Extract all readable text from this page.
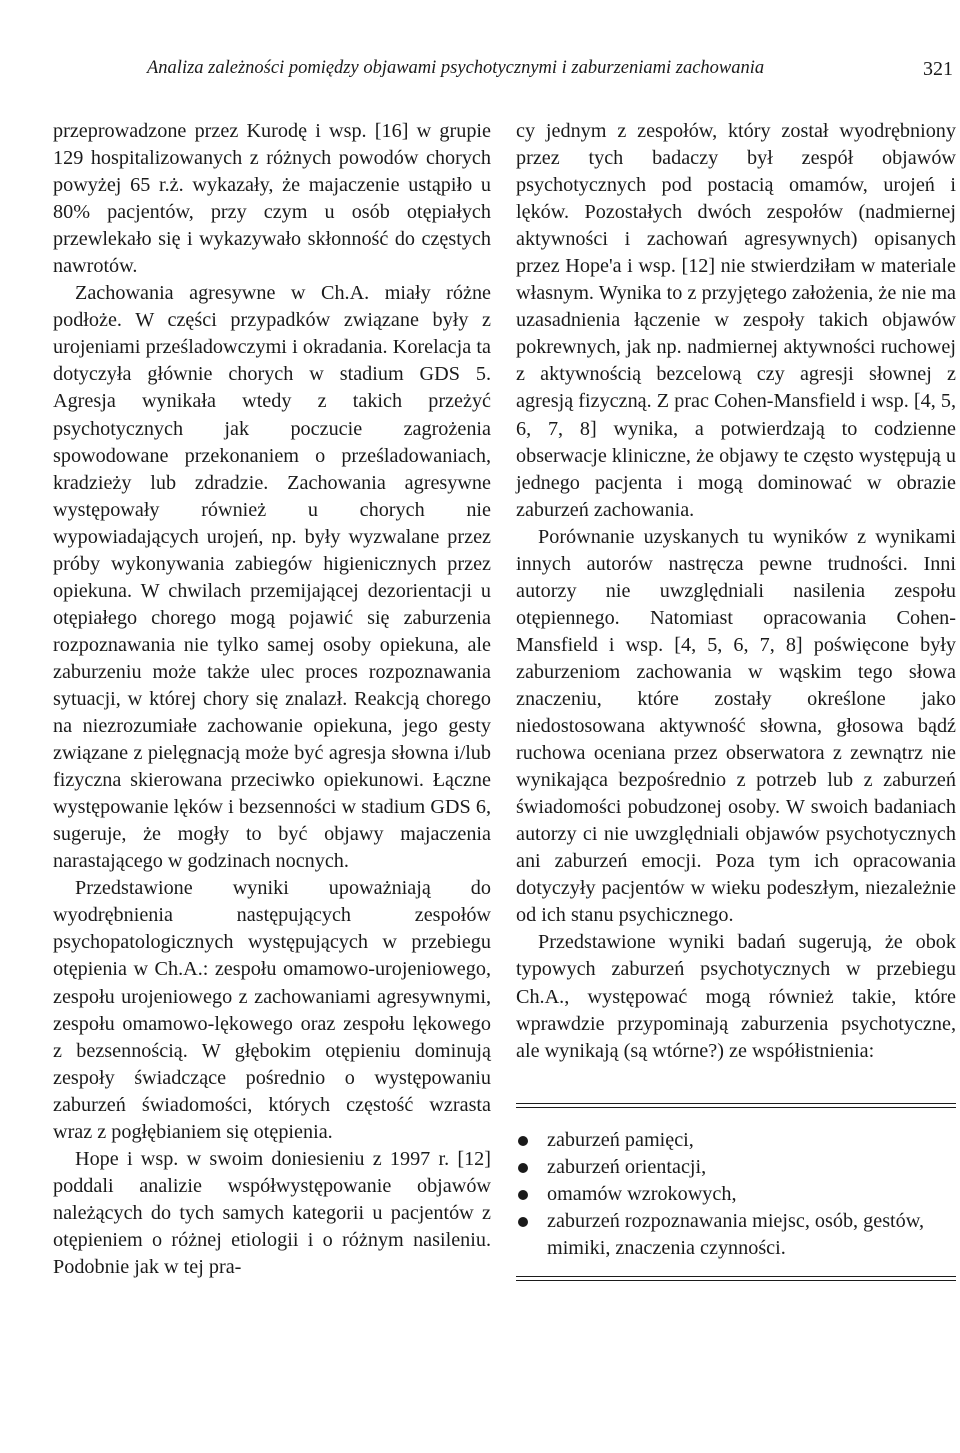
Analiza zależności pomiędzy objawami psychotycznymi i zaburzeniami zachowania	321

przeprowadzone przez Kurodę i wsp. [16] w grupie 129 hospitalizowanych z różnych powodów chorych powyżej 65 r.ż. wykazały, że majaczenie ustąpiło u 80% pacjentów, przy czym u osób otępiałych przewlekało się i wykazywało skłonność do częstych nawrotów.

Zachowania agresywne w Ch.A. miały różne podłoże. W części przypadków związane były z urojeniami prześladowczymi i okradania. Korelacja ta dotyczyła głównie chorych w stadium GDS 5. Agresja wynikała wtedy z takich przeżyć psychotycznych jak poczucie zagrożenia spowodowane przekonaniem o prześladowaniach, kradzieży lub zdradzie. Zachowania agresywne występowały również u chorych nie wypowiadających urojeń, np. były wyzwalane przez próby wykonywania zabiegów higienicznych przez opiekuna. W chwilach przemijającej dezorientacji u otępiałego chorego mogą pojawić się zaburzenia rozpoznawania nie tylko samej osoby opiekuna, ale zaburzeniu może także ulec proces rozpoznawania sytuacji, w której chory się znalazł. Reakcją chorego na niezrozumiałe zachowanie opiekuna, jego gesty związane z pielęgnacją może być agresja słowna i/lub fizyczna skierowana przeciwko opiekunowi. Łączne występowanie lęków i bezsenności w stadium GDS 6, sugeruje, że mogły to być objawy majaczenia narastającego w godzinach nocnych.

Przedstawione wyniki upoważniają do wyodrębnienia następujących zespołów psychopatologicznych występujących w przebiegu otępienia w Ch.A.: zespołu omamowo-urojeniowego, zespołu urojeniowego z zachowaniami agresywnymi, zespołu omamowo-lękowego oraz zespołu lękowego z bezsennością. W głębokim otępieniu dominują zespoły świadczące pośrednio o występowaniu zaburzeń świadomości, których częstość wzrasta wraz z pogłębianiem się otępienia.

Hope i wsp. w swoim doniesieniu z 1997 r. [12] poddali analizie współwystępowanie objawów należących do tych samych kategorii u pacjentów z otępieniem o różnej etiologii i o różnym nasileniu. Podobnie jak w tej pra-

cy jednym z zespołów, który został wyodrębniony przez tych badaczy był zespół objawów psychotycznych pod postacią omamów, urojeń i lęków. Pozostałych dwóch zespołów (nadmiernej aktywności i zachowań agresywnych) opisanych przez Hope'a i wsp. [12] nie stwierdziłam w materiale własnym. Wynika to z przyjętego założenia, że nie ma uzasadnienia łączenie w zespoły takich objawów pokrewnych, jak np. nadmiernej aktywności ruchowej z aktywnością bezcelową czy agresji słownej z agresją fizyczną. Z prac Cohen-Mansfield i wsp. [4, 5, 6, 7, 8] wynika, a potwierdzają to codzienne obserwacje kliniczne, że objawy te często występują u jednego pacjenta i mogą dominować w obrazie zaburzeń zachowania.

Porównanie uzyskanych tu wyników z wynikami innych autorów nastręcza pewne trudności. Inni autorzy nie uwzględniali nasilenia zespołu otępiennego. Natomiast opracowania Cohen-Mansfield i wsp. [4, 5, 6, 7, 8] poświęcone były zaburzeniom zachowania w wąskim tego słowa znaczeniu, które zostały określone jako niedostosowana aktywność słowna, głosowa bądź ruchowa oceniana przez obserwatora z zewnątrz nie wynikająca bezpośrednio z potrzeb lub z zaburzeń świadomości pobudzonej osoby. W swoich badaniach autorzy ci nie uwzględniali objawów psychotycznych ani zaburzeń emocji. Poza tym ich opracowania dotyczyły pacjentów w wieku podeszłym, niezależnie od ich stanu psychicznego.

Przedstawione wyniki badań sugerują, że obok typowych zaburzeń psychotycznych w przebiegu Ch.A., występować mogą również takie, które wprawdzie przypominają zaburzenia psychotyczne, ale wynikają (są wtórne?) ze współistnienia:

zaburzeń pamięci,
zaburzeń orientacji,
omamów wzrokowych,
zaburzeń rozpoznawania miejsc, osób, gestów, mimiki, znaczenia czynności.
